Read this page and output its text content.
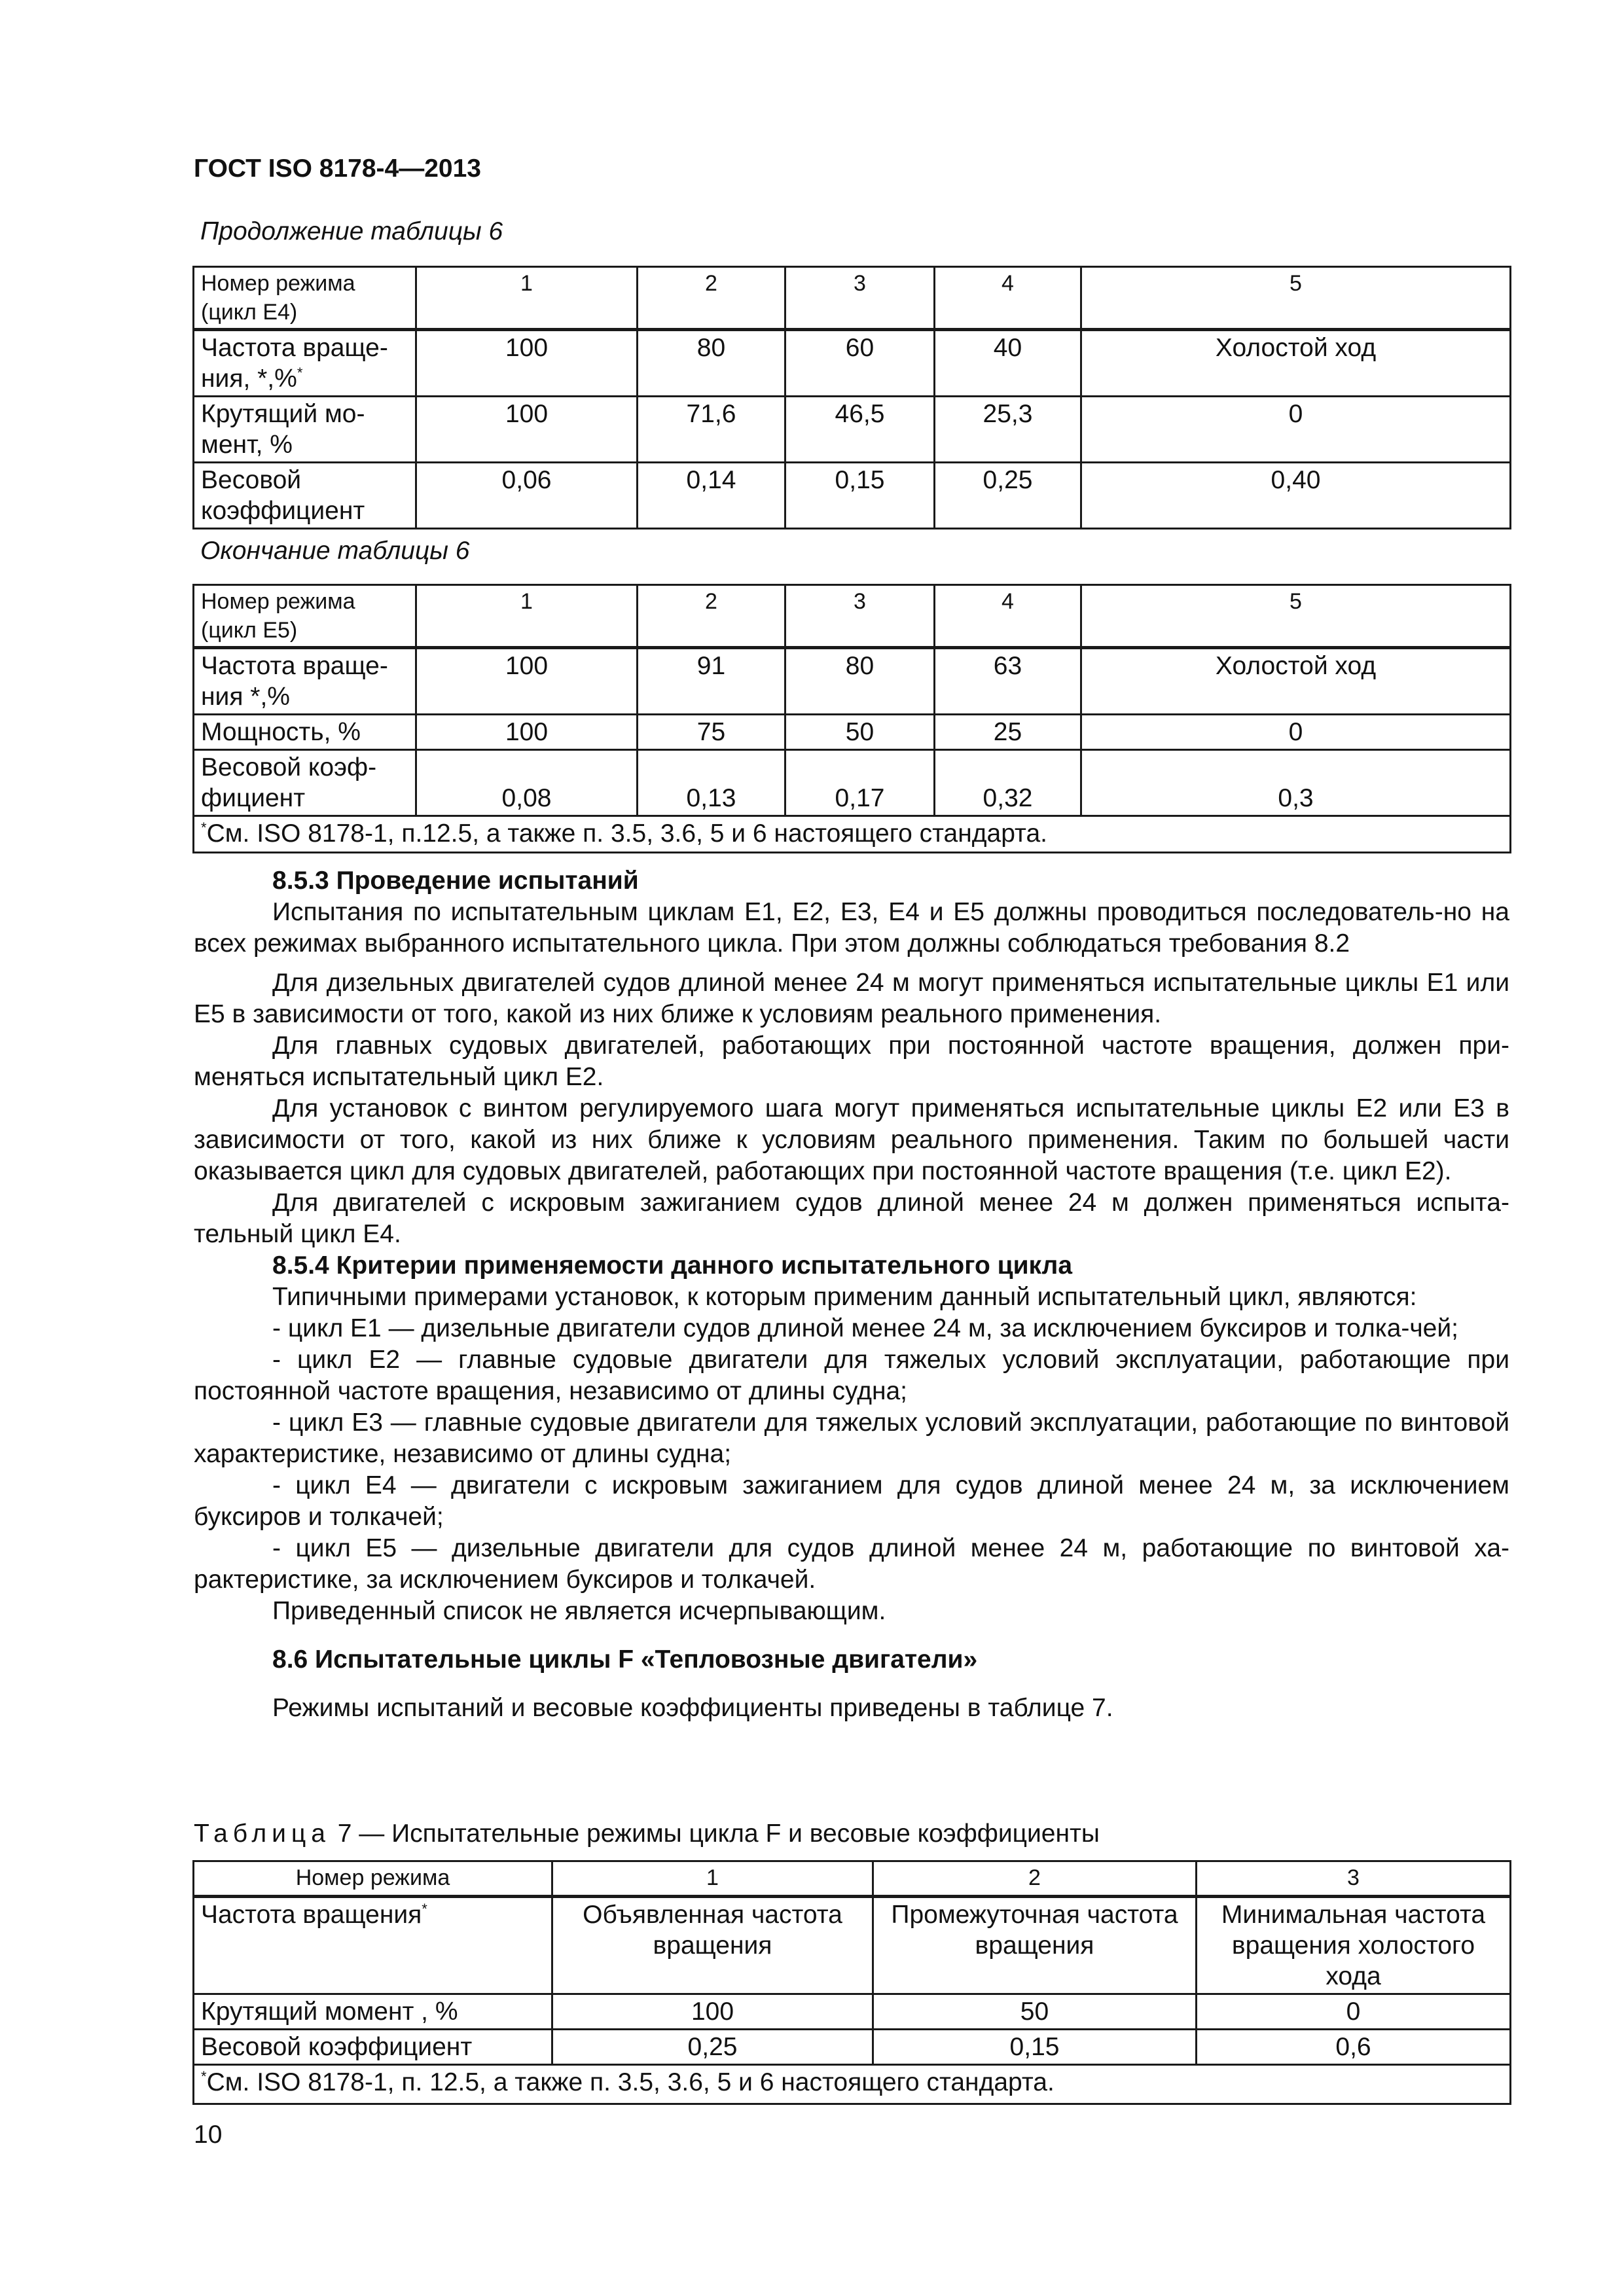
ГОСТ ISO 8178-4—2013
Продолжение таблицы 6
Номер режима (цикл Е4)	1	2	3	4	5
Частота враще-ния, *,%*	100	80	60	40	Холостой ход
Крутящий мо-мент, %	100	71,6	46,5	25,3	0
Весовой коэффициент	0,06	0,14	0,15	0,25	0,40
Окончание таблицы 6
Номер режима (цикл Е5)	1	2	3	4	5
Частота враще-ния *,%	100	91	80	63	Холостой ход
Мощность, %	100	75	50	25	0
Весовой коэф-фициент	0,08	0,13	0,17	0,32	0,3
*См. ISO 8178-1, п.12.5, а также п. 3.5, 3.6, 5 и 6 настоящего стандарта.					

8.5.3 Проведение испытаний

Испытания по испытательным циклам Е1, Е2, Е3, Е4 и Е5 должны проводиться последователь-но на всех режимах выбранного испытательного цикла. При этом должны соблюдаться требования 8.2

Для дизельных двигателей судов длиной менее 24 м могут применяться испытательные циклы Е1 или Е5 в зависимости от того, какой из них ближе к условиям реального применения.

Для главных судовых двигателей, работающих при постоянной частоте вращения, должен при-меняться испытательный цикл Е2.

Для установок с винтом регулируемого шага могут применяться испытательные циклы Е2 или Е3 в зависимости от того, какой из них ближе к условиям реального применения. Таким по большей части оказывается цикл для судовых двигателей, работающих при постоянной частоте вращения (т.е. цикл Е2).

Для двигателей с искровым зажиганием судов длиной менее 24 м должен применяться испыта-тельный цикл Е4.

8.5.4 Критерии применяемости данного испытательного цикла

Типичными примерами установок, к которым применим данный испытательный цикл, являются:

- цикл Е1 — дизельные двигатели судов длиной менее 24 м, за исключением буксиров и толка-чей;

- цикл Е2 — главные судовые двигатели для тяжелых условий эксплуатации, работающие при постоянной частоте вращения, независимо от длины судна;

- цикл Е3 — главные судовые двигатели для тяжелых условий эксплуатации, работающие по винтовой характеристике, независимо от длины судна;

- цикл Е4 — двигатели с искровым зажиганием для судов длиной менее 24 м, за исключением буксиров и толкачей;

- цикл Е5 — дизельные двигатели для судов длиной менее 24 м, работающие по винтовой ха-рактеристике, за исключением буксиров и толкачей.

Приведенный список не является исчерпывающим.

8.6 Испытательные циклы F «Тепловозные двигатели»

Режимы испытаний и весовые коэффициенты приведены в таблице 7.

Таблица 7 — Испытательные режимы цикла F и весовые коэффициенты
Номер режима	1	2	3
Частота вращения*	Объявленная частота вращения	Промежуточная частота вращения	Минимальная частота вращения холостого хода
Крутящий момент , %	100	50	0
Весовой коэффициент	0,25	0,15	0,6
*См. ISO 8178-1, п. 12.5, а также п. 3.5, 3.6, 5 и 6 настоящего стандарта.			
10
